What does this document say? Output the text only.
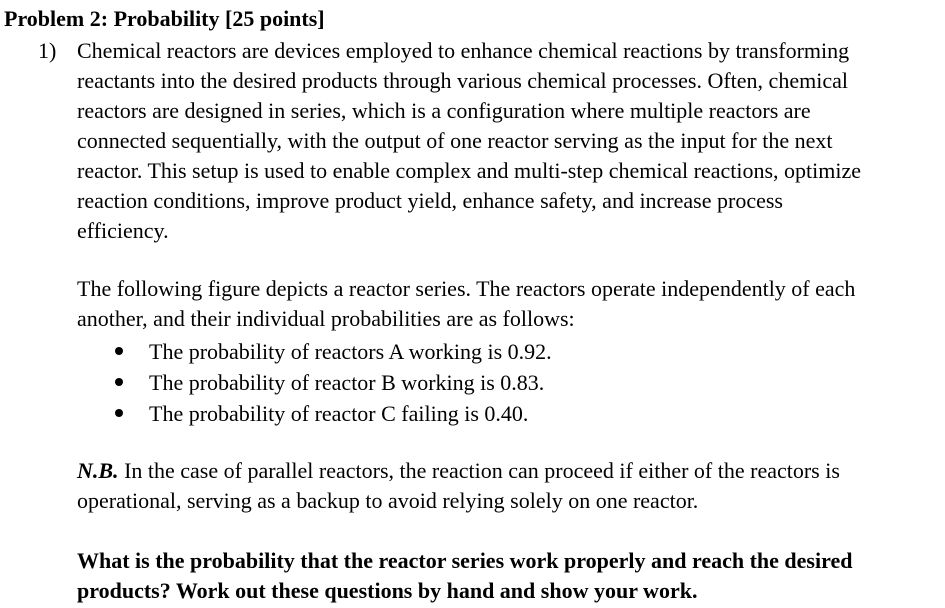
Problem 2: Probability [25 points]
1) Chemical reactors are devices employed to enhance chemical reactions by transforming
reactants into the desired products through various chemical processes. Often, chemical
reactors are designed in series, which is a configuration where multiple reactors are
connected sequentially, with the output of one reactor serving as the input for the next
reactor. This setup is used to enable complex and multi-step chemical reactions, optimize
reaction conditions, improve product yield, enhance safety, and increase process
efficiency.

The following figure depicts a reactor series. The reactors operate independently of each
another, and their individual probabilities are as follows:

The probability of reactors A working is 0.92.
The probability of reactor B working is 0.83.
The probability of reactor C failing is 0.40.

N.B. In the case of parallel reactors, the reaction can proceed if either of the reactors is
operational, serving as a backup to avoid relying solely on one reactor.

What is the probability that the reactor series work properly and reach the desired
products? Work out these questions by hand and show your work.
